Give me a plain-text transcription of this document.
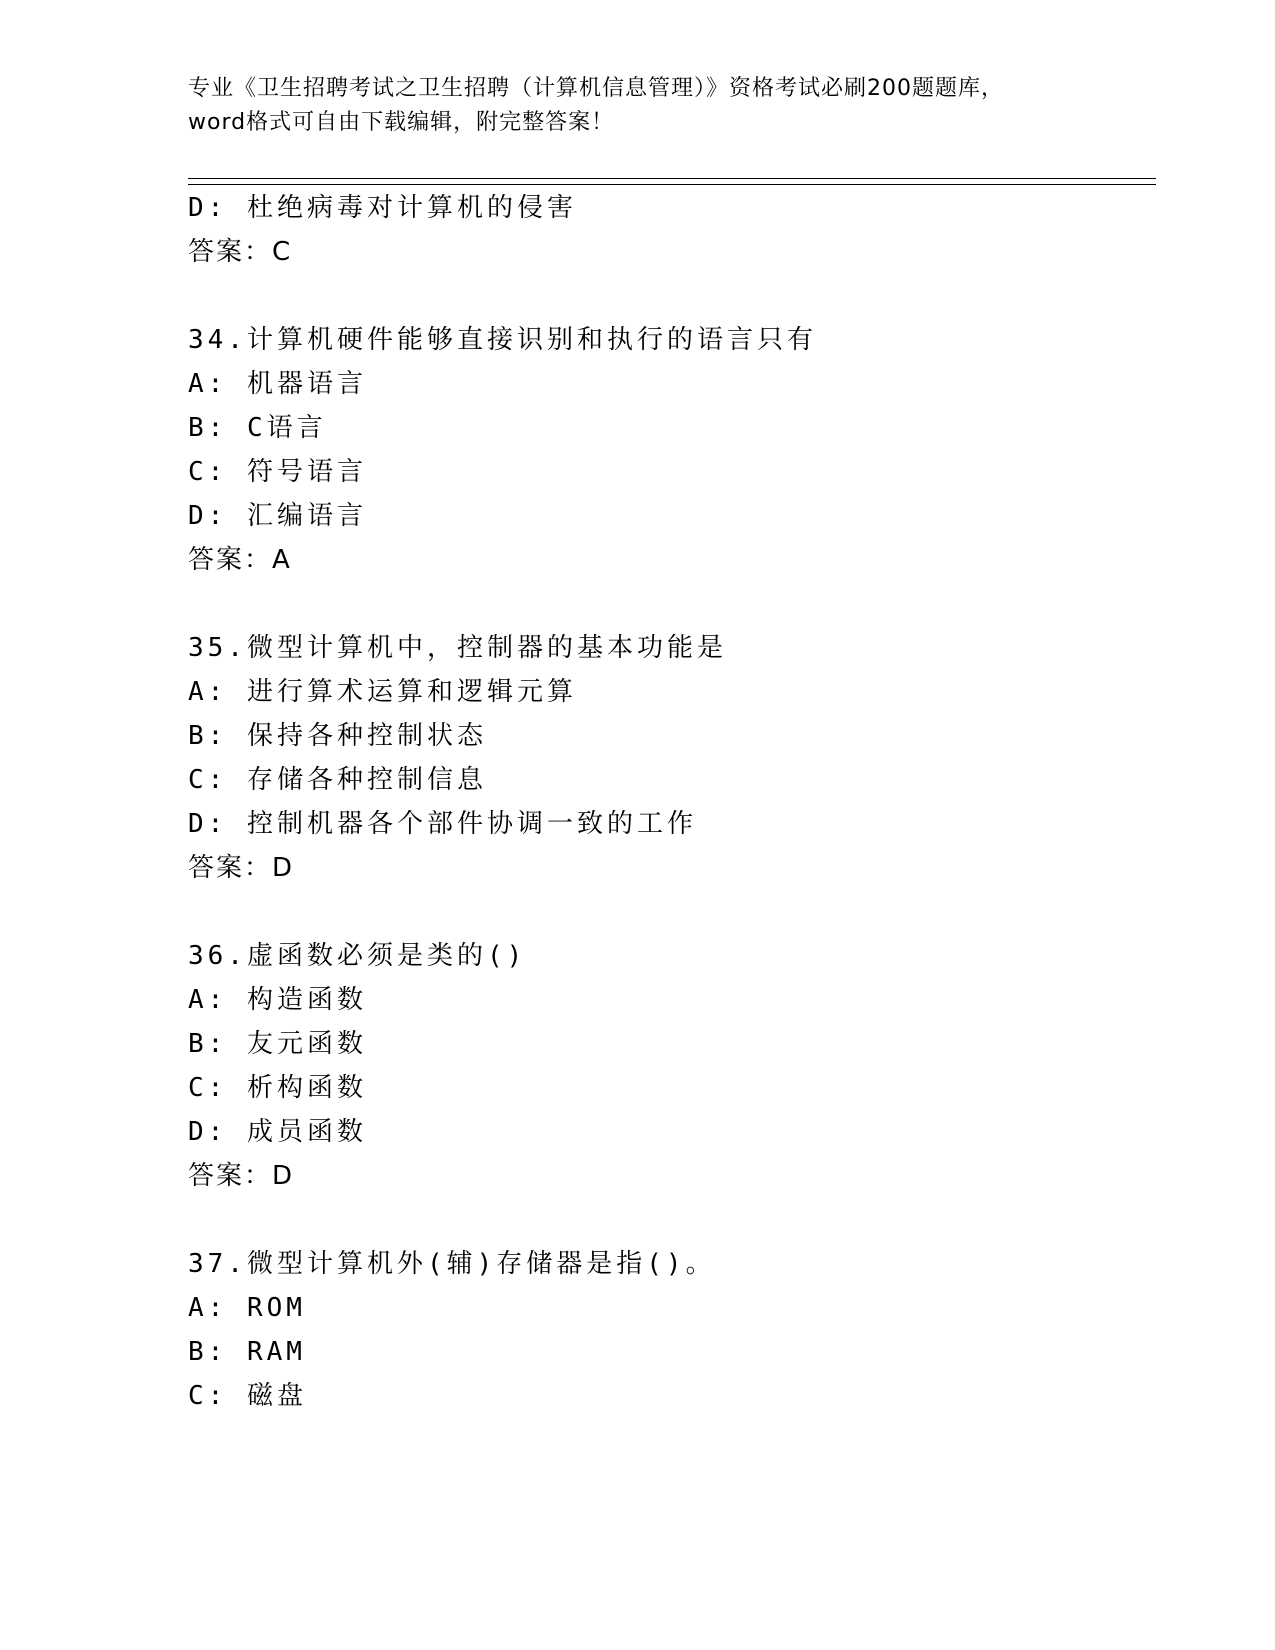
专业《卫生招聘考试之卫生招聘（计算机信息管理）》资格考试必刷200题题库，
word格式可自由下载编辑，附完整答案！
D: 杜绝病毒对计算机的侵害
答案：C
34.计算机硬件能够直接识别和执行的语言只有
A: 机器语言
B: C语言
C: 符号语言
D: 汇编语言
答案：A
35.微型计算机中，控制器的基本功能是
A: 进行算术运算和逻辑元算
B: 保持各种控制状态
C: 存储各种控制信息
D: 控制机器各个部件协调一致的工作
答案：D
36.虚函数必须是类的()
A: 构造函数
B: 友元函数
C: 析构函数
D: 成员函数
答案：D
37.微型计算机外(辅)存储器是指()。
A: ROM
B: RAM
C: 磁盘
